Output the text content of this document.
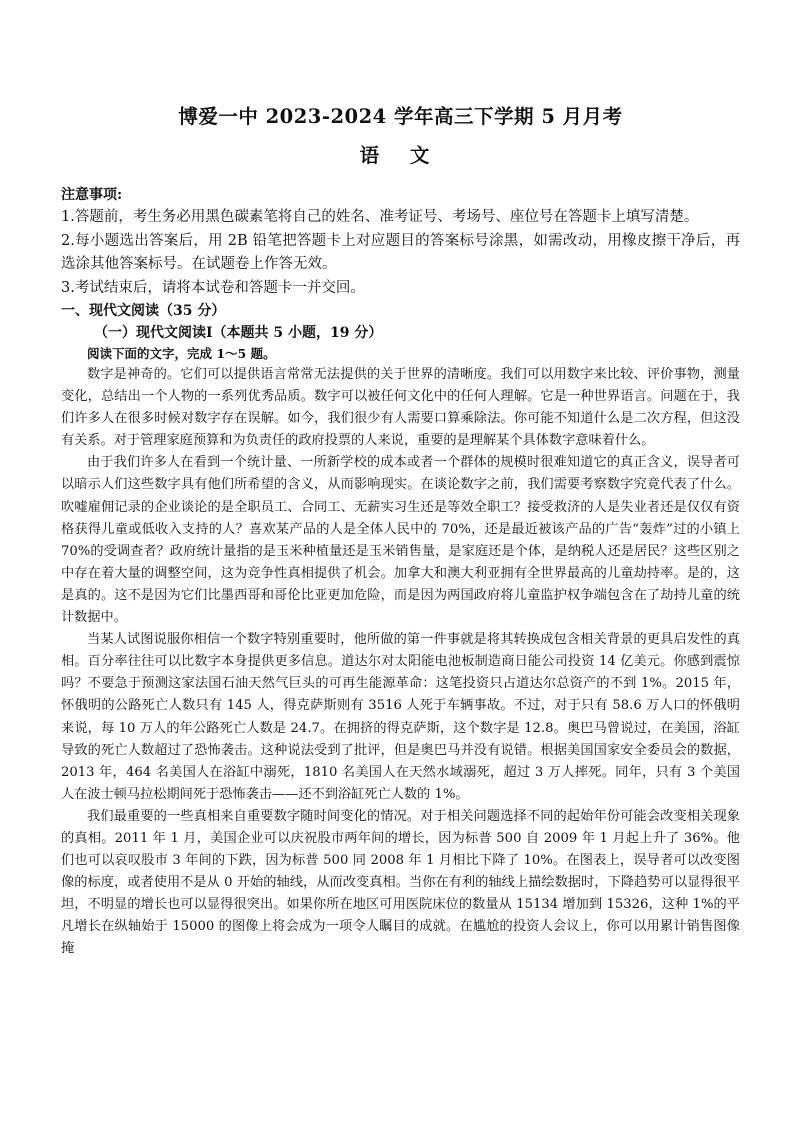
博爱一中 2023-2024 学年高三下学期 5 月月考
语 文
注意事项:

1.答题前，考生务必用黑色碳素笔将自己的姓名、准考证号、考场号、座位号在答题卡上填写清楚。

2.每小题选出答案后，用 2B 铅笔把答题卡上对应题目的答案标号涂黑，如需改动，用橡皮擦干净后，再选涂其他答案标号。在试题卷上作答无效。

3.考试结束后，请将本试卷和答题卡一并交回。

一、现代文阅读（35 分）
（一）现代文阅读Ⅰ（本题共 5 小题，19 分）
阅读下面的文字，完成 1～5 题。

数字是神奇的。它们可以提供语言常常无法提供的关于世界的清晰度。我们可以用数字来比较、评价事物，测量变化，总结出一个人物的一系列优秀品质。数字可以被任何文化中的任何人理解。它是一种世界语言。问题在于，我们许多人在很多时候对数字存在误解。如今，我们很少有人需要口算乘除法。你可能不知道什么是二次方程，但这没有关系。对于管理家庭预算和为负责任的政府投票的人来说，重要的是理解某个具体数字意味着什么。

由于我们许多人在看到一个统计量、一所新学校的成本或者一个群体的规模时很难知道它的真正含义，误导者可以暗示人们这些数字具有他们所希望的含义，从而影响现实。在谈论数字之前，我们需要考察数字究竟代表了什么。吹嘘雇佣记录的企业谈论的是全职员工、合同工、无薪实习生还是等效全职工？接受救济的人是失业者还是仅仅有资格获得儿童或低收入支持的人？喜欢某产品的人是全体人民中的 70%，还是最近被该产品的广告“轰炸”过的小镇上 70%的受调查者？政府统计量指的是玉米种植量还是玉米销售量，是家庭还是个体，是纳税人还是居民？这些区别之中存在着大量的调整空间，这为竞争性真相提供了机会。加拿大和澳大利亚拥有全世界最高的儿童劫持率。是的，这是真的。这不是因为它们比墨西哥和哥伦比亚更加危险，而是因为两国政府将儿童监护权争端包含在了劫持儿童的统计数据中。

当某人试图说服你相信一个数字特别重要时，他所做的第一件事就是将其转换成包含相关背景的更具启发性的真相。百分率往往可以比数字本身提供更多信息。道达尔对太阳能电池板制造商日能公司投资 14 亿美元。你感到震惊吗？不要急于预测这家法国石油天然气巨头的可再生能源革命：这笔投资只占道达尔总资产的不到 1%。2015 年，怀俄明的公路死亡人数只有 145 人，得克萨斯则有 3516 人死于车辆事故。不过，对于只有 58.6 万人口的怀俄明来说，每 10 万人的年公路死亡人数是 24.7。在拥挤的得克萨斯，这个数字是 12.8。奥巴马曾说过，在美国，浴缸导致的死亡人数超过了恐怖袭击。这种说法受到了批评，但是奥巴马并没有说错。根据美国国家安全委员会的数据，2013 年，464 名美国人在浴缸中溺死，1810 名美国人在天然水域溺死，超过 3 万人摔死。同年，只有 3 个美国人在波士顿马拉松期间死于恐怖袭击——还不到浴缸死亡人数的 1%。

我们最重要的一些真相来自重要数字随时间变化的情况。对于相关问题选择不同的起始年份可能会改变相关现象的真相。2011 年 1 月，美国企业可以庆祝股市两年间的增长，因为标普 500 自 2009 年 1 月起上升了 36%。他们也可以哀叹股市 3 年间的下跌，因为标普 500 同 2008 年 1 月相比下降了 10%。在图表上，误导者可以改变图像的标度，或者使用不是从 0 开始的轴线，从而改变真相。当你在有利的轴线上描绘数据时，下降趋势可以显得很平坦，不明显的增长也可以显得很突出。如果你所在地区可用医院床位的数量从 15134 增加到 15326，这种 1%的平凡增长在纵轴始于 15000 的图像上将会成为一项令人瞩目的成就。在尴尬的投资人会议上，你可以用累计销售图像掩
